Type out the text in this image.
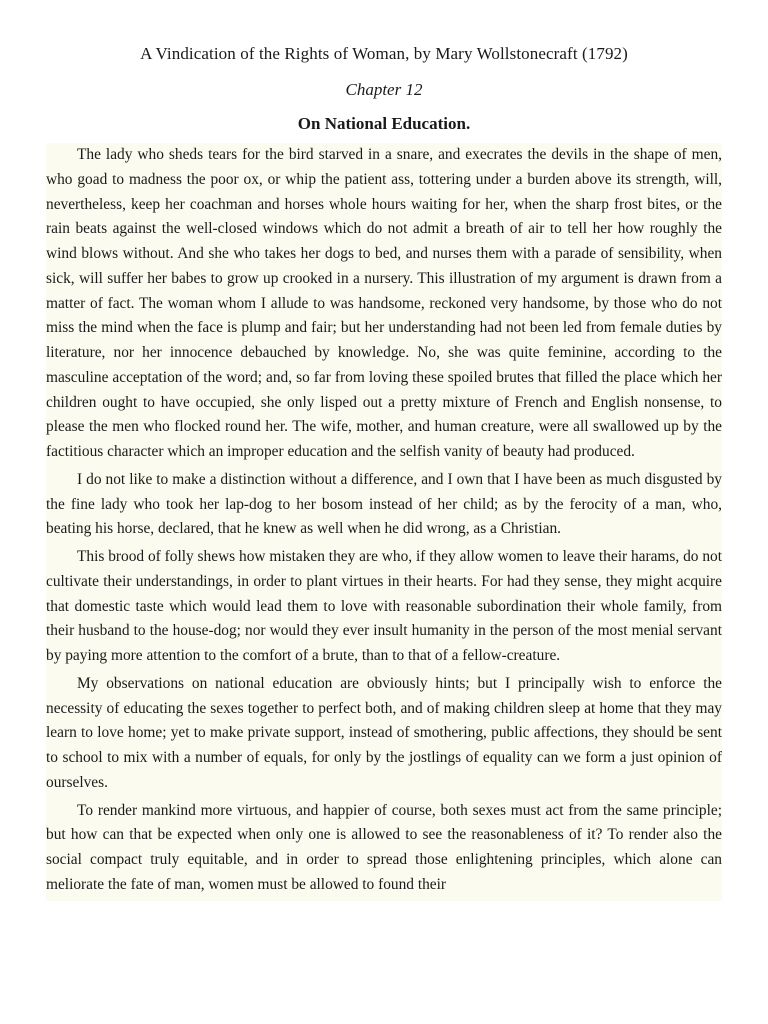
A Vindication of the Rights of Woman, by Mary Wollstonecraft (1792)
Chapter 12
On National Education.

The lady who sheds tears for the bird starved in a snare, and execrates the devils in the shape of men, who goad to madness the poor ox, or whip the patient ass, tottering under a burden above its strength, will, nevertheless, keep her coachman and horses whole hours waiting for her, when the sharp frost bites, or the rain beats against the well-closed windows which do not admit a breath of air to tell her how roughly the wind blows without. And she who takes her dogs to bed, and nurses them with a parade of sensibility, when sick, will suffer her babes to grow up crooked in a nursery. This illustration of my argument is drawn from a matter of fact. The woman whom I allude to was handsome, reckoned very handsome, by those who do not miss the mind when the face is plump and fair; but her understanding had not been led from female duties by literature, nor her innocence debauched by knowledge. No, she was quite feminine, according to the masculine acceptation of the word; and, so far from loving these spoiled brutes that filled the place which her children ought to have occupied, she only lisped out a pretty mixture of French and English nonsense, to please the men who flocked round her. The wife, mother, and human creature, were all swallowed up by the factitious character which an improper education and the selfish vanity of beauty had produced.

I do not like to make a distinction without a difference, and I own that I have been as much disgusted by the fine lady who took her lap-dog to her bosom instead of her child; as by the ferocity of a man, who, beating his horse, declared, that he knew as well when he did wrong, as a Christian.

This brood of folly shews how mistaken they are who, if they allow women to leave their harams, do not cultivate their understandings, in order to plant virtues in their hearts. For had they sense, they might acquire that domestic taste which would lead them to love with reasonable subordination their whole family, from their husband to the house-dog; nor would they ever insult humanity in the person of the most menial servant by paying more attention to the comfort of a brute, than to that of a fellow-creature.

My observations on national education are obviously hints; but I principally wish to enforce the necessity of educating the sexes together to perfect both, and of making children sleep at home that they may learn to love home; yet to make private support, instead of smothering, public affections, they should be sent to school to mix with a number of equals, for only by the jostlings of equality can we form a just opinion of ourselves.

To render mankind more virtuous, and happier of course, both sexes must act from the same principle; but how can that be expected when only one is allowed to see the reasonableness of it? To render also the social compact truly equitable, and in order to spread those enlightening principles, which alone can meliorate the fate of man, women must be allowed to found their
